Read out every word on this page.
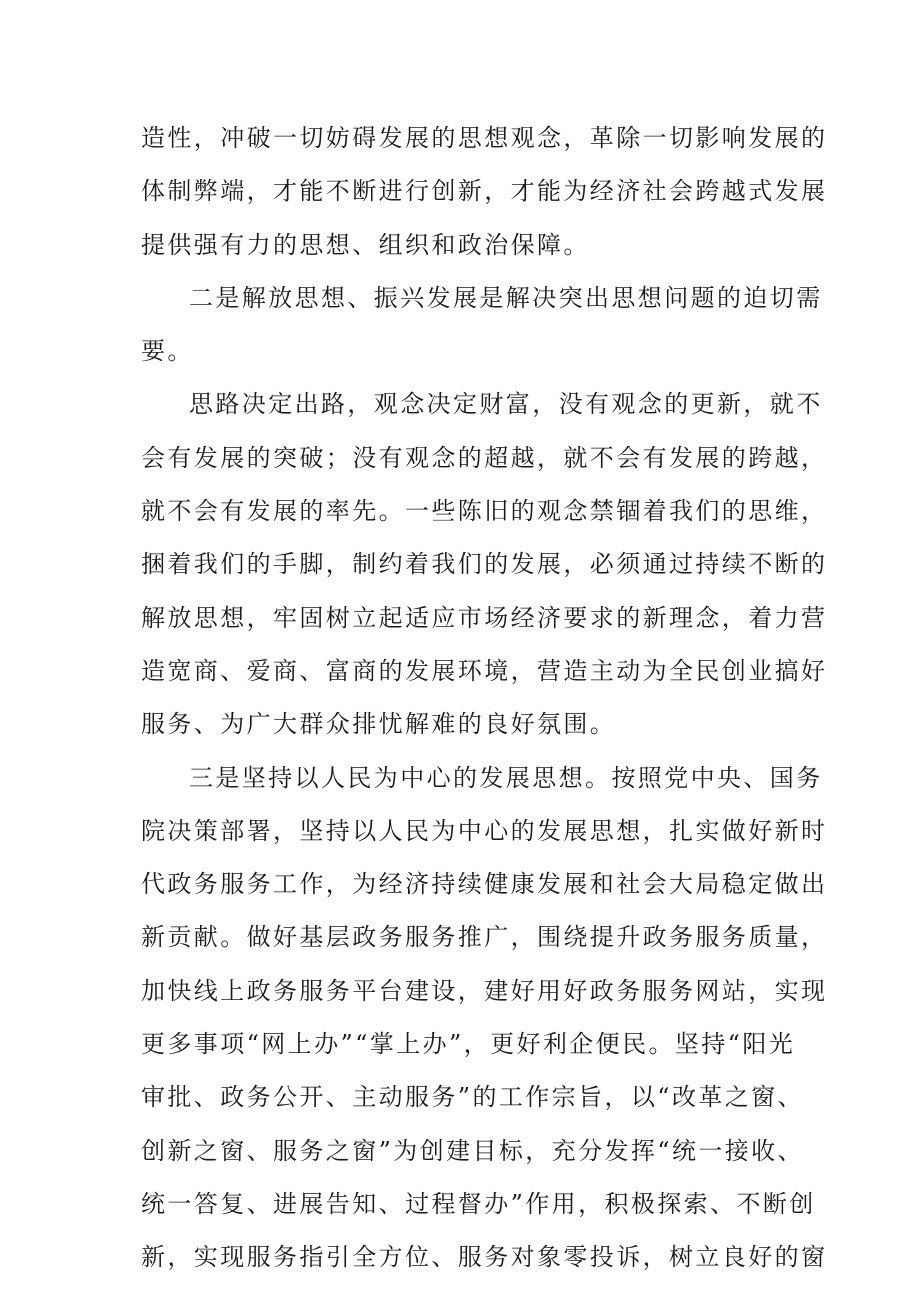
造性，冲破一切妨碍发展的思想观念，革除一切影响发展的
体制弊端，才能不断进行创新，才能为经济社会跨越式发展
提供强有力的思想、组织和政治保障。
二是解放思想、振兴发展是解决突出思想问题的迫切需
要。
思路决定出路，观念决定财富，没有观念的更新，就不
会有发展的突破；没有观念的超越，就不会有发展的跨越，
就不会有发展的率先。一些陈旧的观念禁锢着我们的思维，
捆着我们的手脚，制约着我们的发展，必须通过持续不断的
解放思想，牢固树立起适应市场经济要求的新理念，着力营
造宽商、爱商、富商的发展环境，营造主动为全民创业搞好
服务、为广大群众排忧解难的良好氛围。
三是坚持以人民为中心的发展思想。按照党中央、国务
院决策部署，坚持以人民为中心的发展思想，扎实做好新时
代政务服务工作，为经济持续健康发展和社会大局稳定做出
新贡献。做好基层政务服务推广，围绕提升政务服务质量，
加快线上政务服务平台建设，建好用好政务服务网站，实现
更多事项“网上办”“掌上办”，更好利企便民。坚持“阳光
审批、政务公开、主动服务”的工作宗旨，以“改革之窗、
创新之窗、服务之窗”为创建目标，充分发挥“统一接收、
统一答复、进展告知、过程督办”作用，积极探索、不断创
新，实现服务指引全方位、服务对象零投诉，树立良好的窗
